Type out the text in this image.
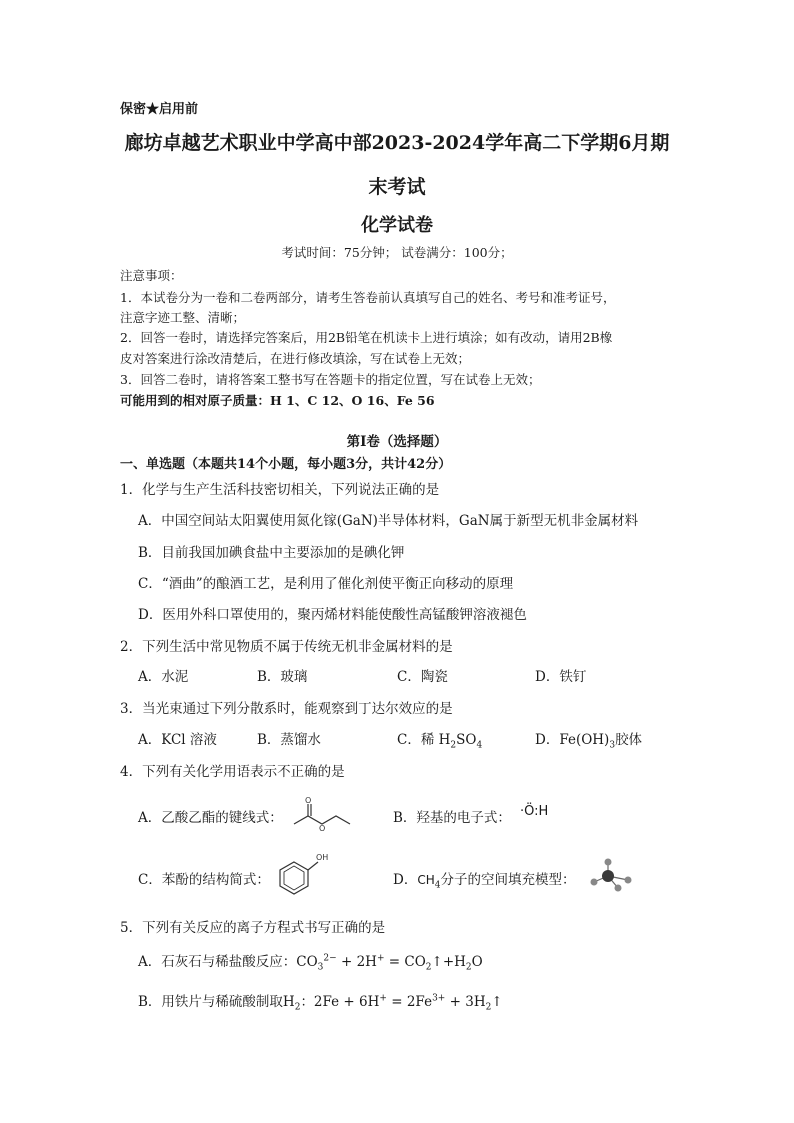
保密★启用前
廊坊卓越艺术职业中学高中部2023-2024学年高二下学期6月期
末考试
化学试卷
考试时间：75分钟； 试卷满分：100分；
注意事项：
1．本试卷分为一卷和二卷两部分，请考生答卷前认真填写自己的姓名、考号和准考证号，
注意字迹工整、清晰；
2．回答一卷时，请选择完答案后，用2B铅笔在机读卡上进行填涂；如有改动，请用2B橡
皮对答案进行涂改清楚后，在进行修改填涂，写在试卷上无效；
3．回答二卷时，请将答案工整书写在答题卡的指定位置，写在试卷上无效；
可能用到的相对原子质量：H 1、C 12、O 16、Fe 56
第Ⅰ卷（选择题）
一、单选题（本题共14个小题，每小题3分，共计42分）
1．化学与生产生活科技密切相关，下列说法正确的是
A．中国空间站太阳翼使用氮化镓(GaN)半导体材料，GaN属于新型无机非金属材料
B．目前我国加碘食盐中主要添加的是碘化钾
C．“酒曲”的酿酒工艺，是利用了催化剂使平衡正向移动的原理
D．医用外科口罩使用的，聚丙烯材料能使酸性高锰酸钾溶液褪色
2．下列生活中常见物质不属于传统无机非金属材料的是
A．水泥	B．玻璃	C．陶瓷	D．铁钉
3．当光束通过下列分散系时，能观察到丁达尔效应的是
A．KCl 溶液	B．蒸馏水	C．稀 $H_2SO_4$	D．$Fe(OH)_3$胶体
4．下列有关化学用语表示不正确的是
A．乙酸乙酯的键线式：
O
O
B．羟基的电子式： ·Ö:H
C．苯酚的结构简式：
OH
D．$CH_4$分子的空间填充模型：
5．下列有关反应的离子方程式书写正确的是
A．石灰石与稀盐酸反应：$CO_3^{2-} + 2H^+$ = $CO_2↑+H_2O$
B．用铁片与稀硫酸制取$H_2$：$2Fe + 6H^+ = 2Fe^{3+}$ + $3H_2↑$
